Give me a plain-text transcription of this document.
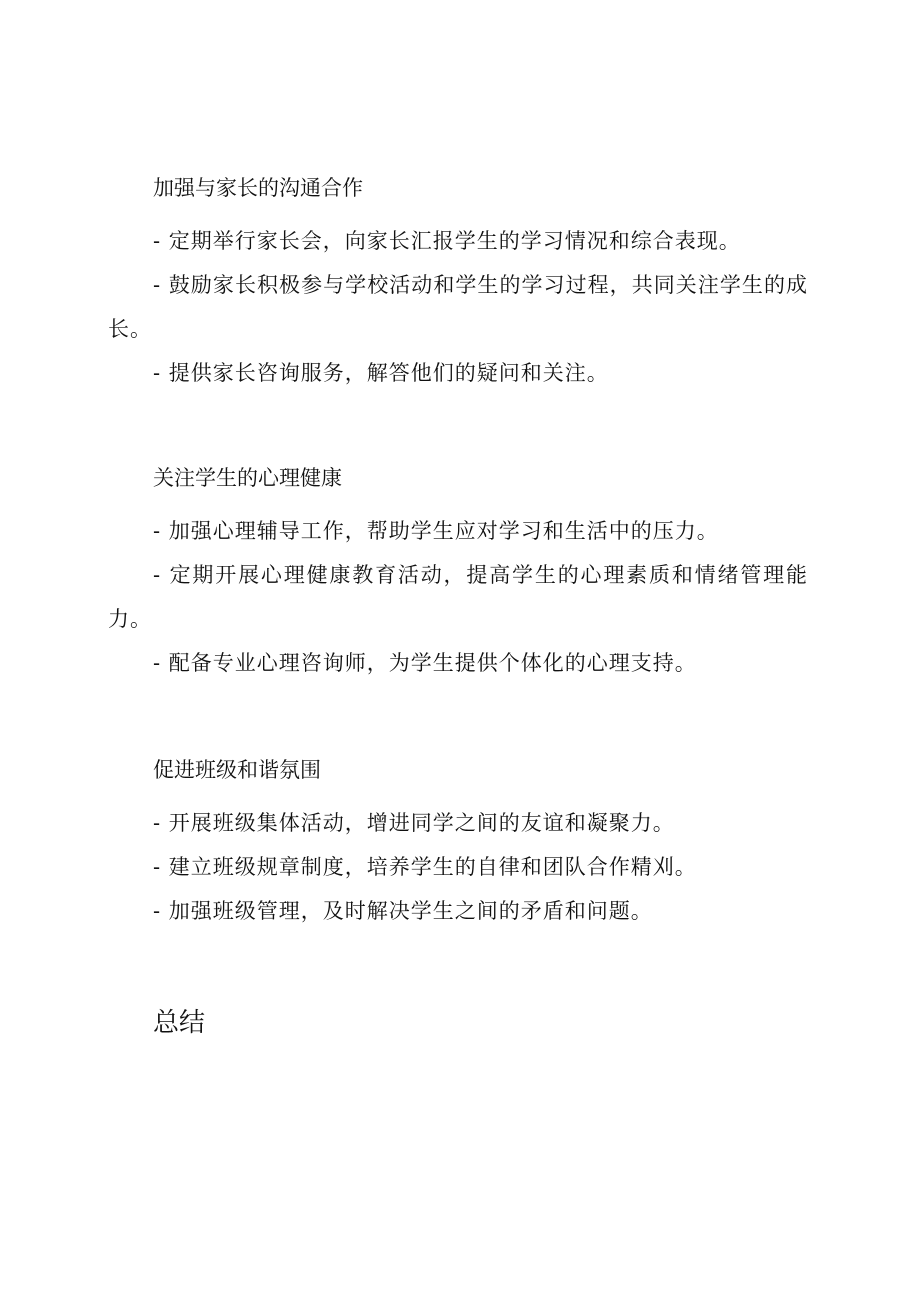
加强与家长的沟通合作

- 定期举行家长会，向家长汇报学生的学习情况和综合表现。

- 鼓励家长积极参与学校活动和学生的学习过程，共同关注学生的成长。

- 提供家长咨询服务，解答他们的疑问和关注。

关注学生的心理健康

- 加强心理辅导工作，帮助学生应对学习和生活中的压力。

- 定期开展心理健康教育活动，提高学生的心理素质和情绪管理能力。

- 配备专业心理咨询师，为学生提供个体化的心理支持。

促进班级和谐氛围

- 开展班级集体活动，增进同学之间的友谊和凝聚力。

- 建立班级规章制度，培养学生的自律和团队合作精刈。

- 加强班级管理，及时解决学生之间的矛盾和问题。

总结
